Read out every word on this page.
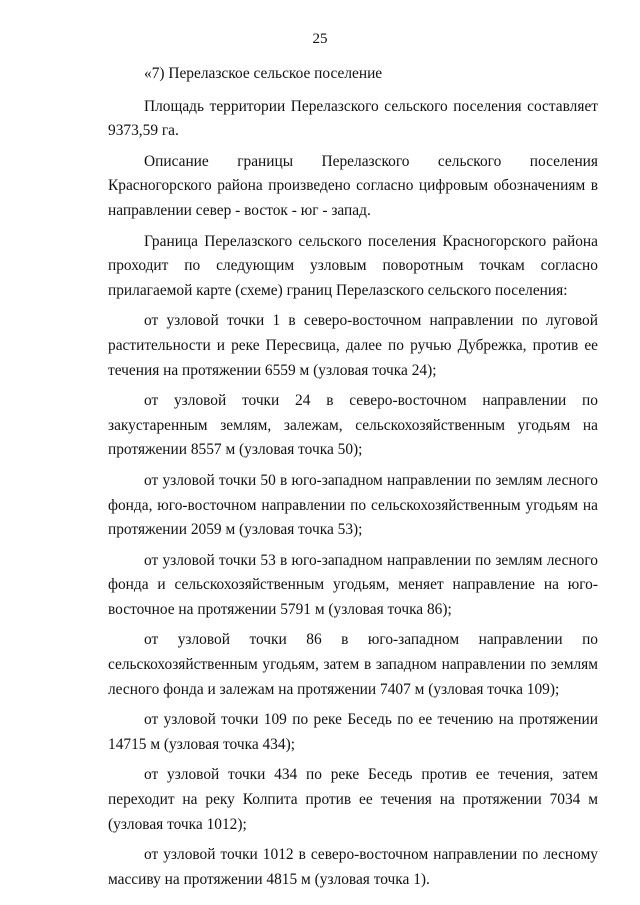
25

«7) Перелазское сельское поселение

Площадь территории Перелазского сельского поселения составляет 9373,59 га.

Описание границы Перелазского сельского поселения Красногорского района произведено согласно цифровым обозначениям в направлении север - восток - юг - запад.

Граница Перелазского сельского поселения Красногорского района проходит по следующим узловым поворотным точкам согласно прилагаемой карте (схеме) границ Перелазского сельского поселения:

от узловой точки 1 в северо-восточном направлении по луговой растительности и реке Пересвица, далее по ручью Дубрежка, против ее течения на протяжении 6559 м (узловая точка 24);

от узловой точки 24 в северо-восточном направлении по закустаренным землям, залежам, сельскохозяйственным угодьям на протяжении 8557 м (узловая точка 50);

от узловой точки 50 в юго-западном направлении по землям лесного фонда, юго-восточном направлении по сельскохозяйственным угодьям на протяжении 2059 м (узловая точка 53);

от узловой точки 53 в юго-западном направлении по землям лесного фонда и сельскохозяйственным угодьям, меняет направление на юго-восточное на протяжении 5791 м (узловая точка 86);

от узловой точки 86 в юго-западном направлении по сельскохозяйственным угодьям, затем в западном направлении по землям лесного фонда и залежам на протяжении 7407 м (узловая точка 109);

от узловой точки 109 по реке Беседь по ее течению на протяжении 14715 м (узловая точка 434);

от узловой точки 434 по реке Беседь против ее течения, затем переходит на реку Колпита против ее течения на протяжении 7034 м (узловая точка 1012);

от узловой точки 1012 в северо-восточном направлении по лесному массиву на протяжении 4815 м (узловая точка 1).
